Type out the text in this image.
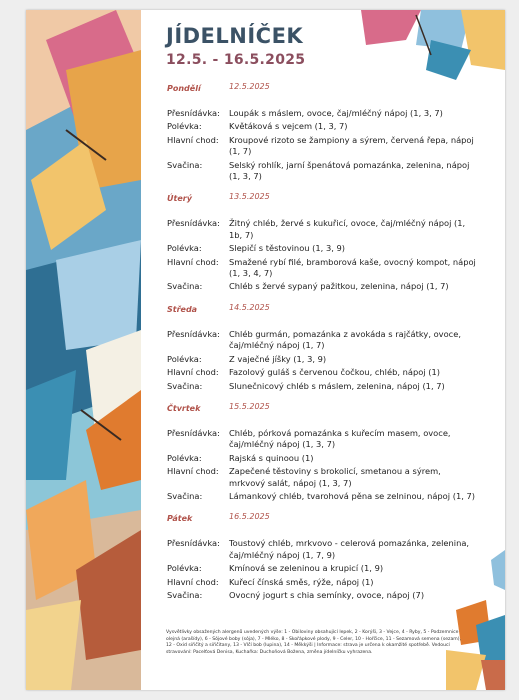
JÍDELNÍČEK
12.5. - 16.5.2025
Pondělí	12.5.2025
Přesnídávka:	Loupák s máslem, ovoce, čaj/mléčný nápoj (1, 3, 7)
Polévka:	Květáková s vejcem (1, 3, 7)
Hlavní chod:	Kroupové rizoto se žampiony a sýrem, červená řepa, nápoj (1, 7)
Svačina:	Selský rohlík, jarní špenátová pomazánka, zelenina, nápoj (1, 3, 7)
Úterý	13.5.2025
Přesnídávka:	Žitný chléb, žervé s kukuřicí, ovoce, čaj/mléčný nápoj (1, 1b, 7)
Polévka:	Slepičí s těstovinou (1, 3, 9)
Hlavní chod:	Smažené rybí filé, bramborová kaše, ovocný kompot, nápoj (1, 3, 4, 7)
Svačina:	Chléb s žervé sypaný pažitkou, zelenina, nápoj (1, 7)
Středa	14.5.2025
Přesnídávka:	Chléb gurmán, pomazánka z avokáda s rajčátky, ovoce, čaj/mléčný nápoj (1, 7)
Polévka:	Z vaječné jíšky (1, 3, 9)
Hlavní chod:	Fazolový guláš s červenou čočkou, chléb, nápoj (1)
Svačina:	Slunečnicový chléb s máslem, zelenina, nápoj (1, 7)
Čtvrtek	15.5.2025
Přesnídávka:	Chléb, pórková pomazánka s kuřecím masem, ovoce, čaj/mléčný nápoj (1, 3, 7)
Polévka:	Rajská s quinoou (1)
Hlavní chod:	Zapečené těstoviny s brokolicí, smetanou a sýrem, mrkvový salát, nápoj (1, 3, 7)
Svačina:	Lámankový chléb, tvarohová pěna se zelninou, nápoj (1, 7)
Pátek	16.5.2025
Přesnídávka:	Toustový chléb, mrkvovo - celerová pomazánka, zelenina, čaj/mléčný nápoj (1, 7, 9)
Polévka:	Kmínová se zeleninou a krupicí (1, 9)
Hlavní chod:	Kuřecí čínská směs, rýže, nápoj (1)
Svačina:	Ovocný jogurt s chia semínky, ovoce, nápoj (7)
Vysvětlivky obsažených alergenů uvedených výše: 1 - Obiloviny obsahující lepek, 2 - Korýši, 3 - Vejce, 4 - Ryby, 5 - Podzemnice olejná (arašídy), 6 - Sójové boby (sója), 7 - Mléko, 8 - Skořápkové plody, 9 - Celer, 10 - Hořčice, 11 - Sezamová semena (sezam), 12 - Oxid siřičitý a siřičitany, 13 - Vlčí bob (lupina), 14 - Měkkýši | Informace: strava je určena k okamžité spotřebě. Vedoucí stravování: Pacelťová Denisa, Kuchařka: Duchoňová Božena, změna jídelníčku vyhrazena.
